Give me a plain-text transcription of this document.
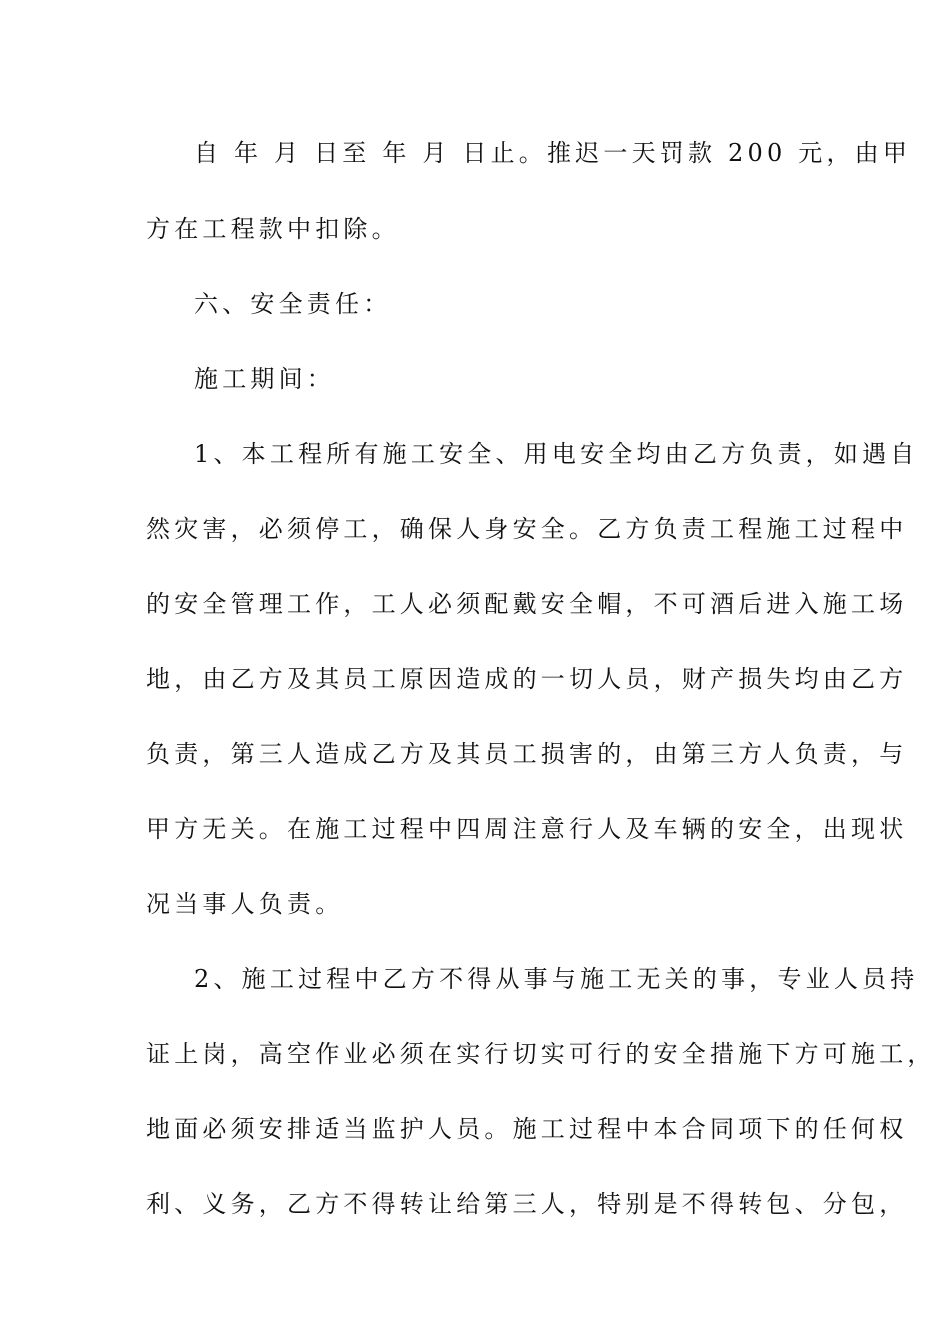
自 年 月 日至 年 月 日止。推迟一天罚款 200 元，由甲
方在工程款中扣除。
六、安全责任：
施工期间：
1、本工程所有施工安全、用电安全均由乙方负责，如遇自
然灾害，必须停工，确保人身安全。乙方负责工程施工过程中
的安全管理工作，工人必须配戴安全帽，不可酒后进入施工场
地，由乙方及其员工原因造成的一切人员，财产损失均由乙方
负责，第三人造成乙方及其员工损害的，由第三方人负责，与
甲方无关。在施工过程中四周注意行人及车辆的安全，出现状
况当事人负责。
2、施工过程中乙方不得从事与施工无关的事，专业人员持
证上岗，高空作业必须在实行切实可行的安全措施下方可施工，
地面必须安排适当监护人员。施工过程中本合同项下的任何权
利、义务，乙方不得转让给第三人，特别是不得转包、分包，
